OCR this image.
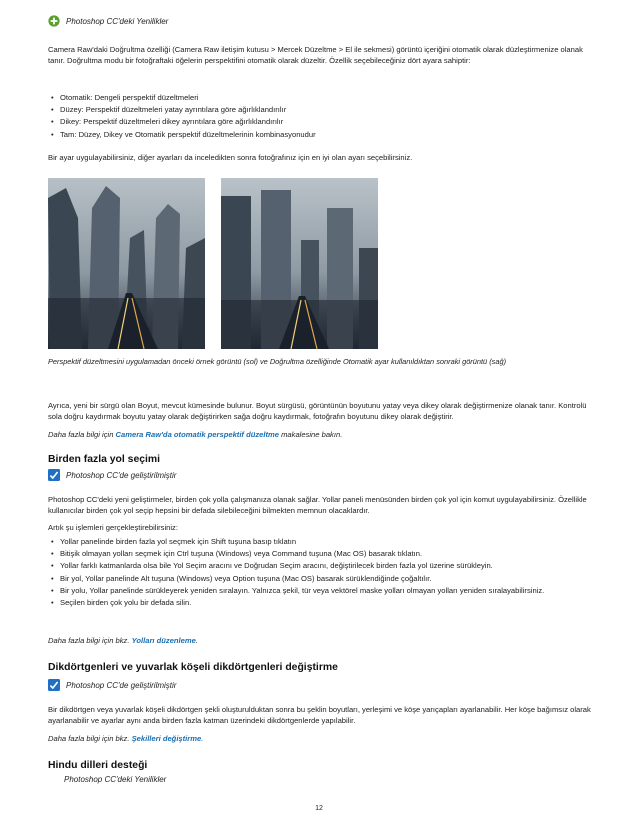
Photoshop CC'deki Yenilikler
Camera Raw'daki Doğrultma özelliği (Camera Raw iletişim kutusu > Mercek Düzeltme > El ile sekmesi) görüntü içeriğini otomatik olarak düzleştirmenize olanak tanır. Doğrultma modu bir fotoğraftaki öğelerin perspektifini otomatik olarak düzeltir. Özellik seçebileceğiniz dört ayara sahiptir:
• Otomatik: Dengeli perspektif düzeltmeleri
• Düzey: Perspektif düzeltmeleri yatay ayrıntılara göre ağırlıklandırılır
• Dikey: Perspektif düzeltmeleri dikey ayrıntılara göre ağırlıklandırılır
• Tam: Düzey, Dikey ve Otomatik perspektif düzeltmelerinin kombinasyonudur
Bir ayar uygulayabilirsiniz, diğer ayarları da inceledikten sonra fotoğrafınız için en iyi olan ayarı seçebilirsiniz.
Perspektif düzeltmesini uygulamadan önceki örnek görüntü (sol) ve Doğrultma özelliğinde Otomatik ayar kullanıldıktan sonraki görüntü (sağ)
Ayrıca, yeni bir sürgü olan Boyut, mevcut kümesinde bulunur. Boyut sürgüsü, görüntünün boyutunu yatay veya dikey olarak değiştirmenize olanak tanır. Kontrolü sola doğru kaydırmak boyutu yatay olarak değiştirirken sağa doğru kaydırmak, fotoğrafın boyutunu dikey olarak değiştirir.
Daha fazla bilgi için Camera Raw'da otomatik perspektif düzeltme makalesine bakın.
Birden fazla yol seçimi
Photoshop CC'de geliştirilmiştir
Photoshop CC'deki yeni geliştirmeler, birden çok yolla çalışmanıza olanak sağlar. Yollar paneli menüsünden birden çok yol için komut uygulayabilirsiniz. Özellikle kullanıcılar birden çok yol seçip hepsini bir defada silebileceğini bilmekten memnun olacaklardır.
Artık şu işlemleri gerçekleştirebilirsiniz:
• Yollar panelinde birden fazla yol seçmek için Shift tuşuna basıp tıklatın
• Bitişik olmayan yolları seçmek için Ctrl tuşuna (Windows) veya Command tuşuna (Mac OS) basarak tıklatın.
• Yollar farklı katmanlarda olsa bile Yol Seçim aracını ve Doğrudan Seçim aracını, değiştirilecek birden fazla yol üzerine sürükleyin.
• Bir yol, Yollar panelinde Alt tuşuna (Windows) veya Option tuşuna (Mac OS) basarak sürüklendiğinde çoğaltılır.
• Bir yolu, Yollar panelinde sürükleyerek yeniden sıralayın. Yalnızca şekil, tür veya vektörel maske yolları olmayan yolları yeniden sıralayabilirsiniz.
• Seçilen birden çok yolu bir defada silin.
Daha fazla bilgi için bkz. Yolları düzenleme.
Dikdörtgenleri ve yuvarlak köşeli dikdörtgenleri değiştirme
Photoshop CC'de geliştirilmiştir
Bir dikdörtgen veya yuvarlak köşeli dikdörtgen şekli oluşturulduktan sonra bu şeklin boyutları, yerleşimi ve köşe yarıçapları ayarlanabilir. Her köşe bağımsız olarak ayarlanabilir ve ayarlar aynı anda birden fazla katman üzerindeki dikdörtgenlerde yapılabilir.
Daha fazla bilgi için bkz. Şekilleri değiştirme.
Hindu dilleri desteği
Photoshop CC'deki Yenilikler
12
